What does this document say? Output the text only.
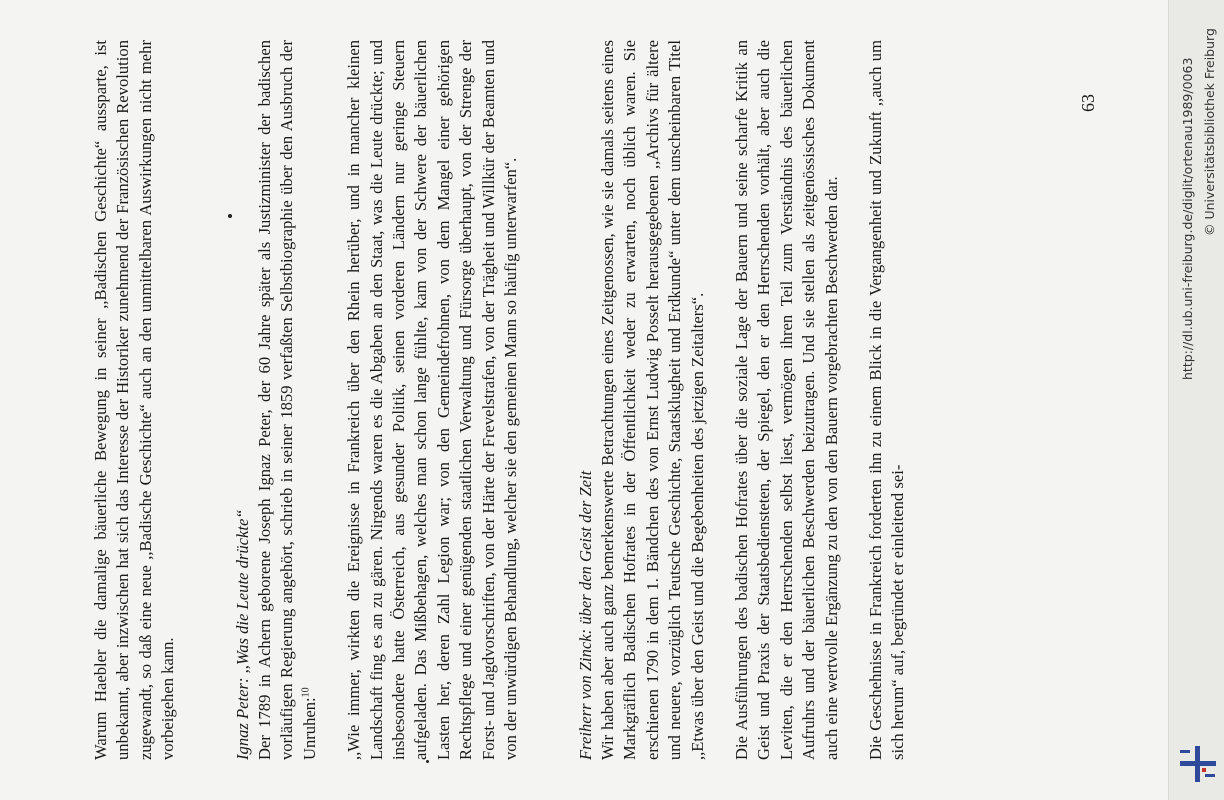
Warum Haebler die damalige bäuerliche Bewegung in seiner ,,Badischen Geschichte“ aussparte, ist unbekannt, aber inzwischen hat sich das Interesse der Historiker zunehmend der Französischen Revolution zugewandt, so daß eine neue ,,Badische Geschichte“ auch an den unmittelbaren Auswirkungen nicht mehr vorbeigehen kann.	Ignaz Peter: ,,Was die Leute drückte“ Der 1789 in Achern geborene Joseph Ignaz Peter, der 60 Jahre später als Justizminister der badischen vorläufigen Regierung angehört, schrieb in seiner 1859 verfaßten Selbstbiographie über den Ausbruch der Unruhen:$^{10}$	,,Wie immer, wirkten die Ereignisse in Frankreich über den Rhein herüber, und in mancher kleinen Landschaft fing es an zu gären. Nirgends waren es die Abgaben an den Staat, was die Leute drückte; und insbesondere hatte Österreich, aus gesunder Politik, seinen vorderen Ländern nur geringe Steuern aufgeladen. Das Mißbehagen, welches man schon lange fühlte, kam von der Schwere der bäuerlichen Lasten her, deren Zahl Legion war; von den Gemeindefrohnen, von dem Mangel einer gehörigen Rechtspflege und einer genügenden staatlichen Verwaltung und Fürsorge überhaupt, von der Strenge der Forst- und Jagdvorschriften, von der Härte der Frevelstrafen, von der Trägheit und Willkür der Beamten und von der unwürdigen Behandlung, welcher sie den gemeinen Mann so häufig unterwarfen“.	Freiherr von Zinck: über den Geist der Zeit Wir haben aber auch ganz bemerkenswerte Betrachtungen eines Zeitgenossen, wie sie damals seitens eines Markgräflich Badischen Hofrates in der Öffentlichkeit weder zu erwarten, noch üblich waren. Sie erschienen 1790 in dem 1. Bändchen des von Ernst Ludwig Posselt herausgegebenen ,,Archivs für ältere und neuere, vorzüglich Teutsche Geschichte, Staatsklugheit und Erdkunde“ unter dem unscheinbaren Titel ,,Etwas über den Geist und die Begebenheiten des jetzigen Zeitalters“. Die Ausführungen des badischen Hofrates über die soziale Lage der Bauern und seine scharfe Kritik an Geist und Praxis der Staatsbediensteten, der Spiegel, den er den Herrschenden vorhält, aber auch die Leviten, die er den Herrschenden selbst liest, vermögen ihren Teil zum Verständnis des bäuerlichen Aufruhrs und der bäuerlichen Beschwerden beizutragen. Und sie stellen als zeitgenössisches Dokument auch eine wertvolle Ergänzung zu den von den Bauern vorgebrachten Beschwerden dar. Die Geschehnisse in Frankreich forderten ihn zu einem Blick in die Vergangenheit und Zukunft ,,auch um sich herum“ auf, begründet er einleitend sei-

63	http://dl.ub.uni-freiburg.de/diglit/ortenau1989/0063 © Universitätsbibliothek Freiburg
